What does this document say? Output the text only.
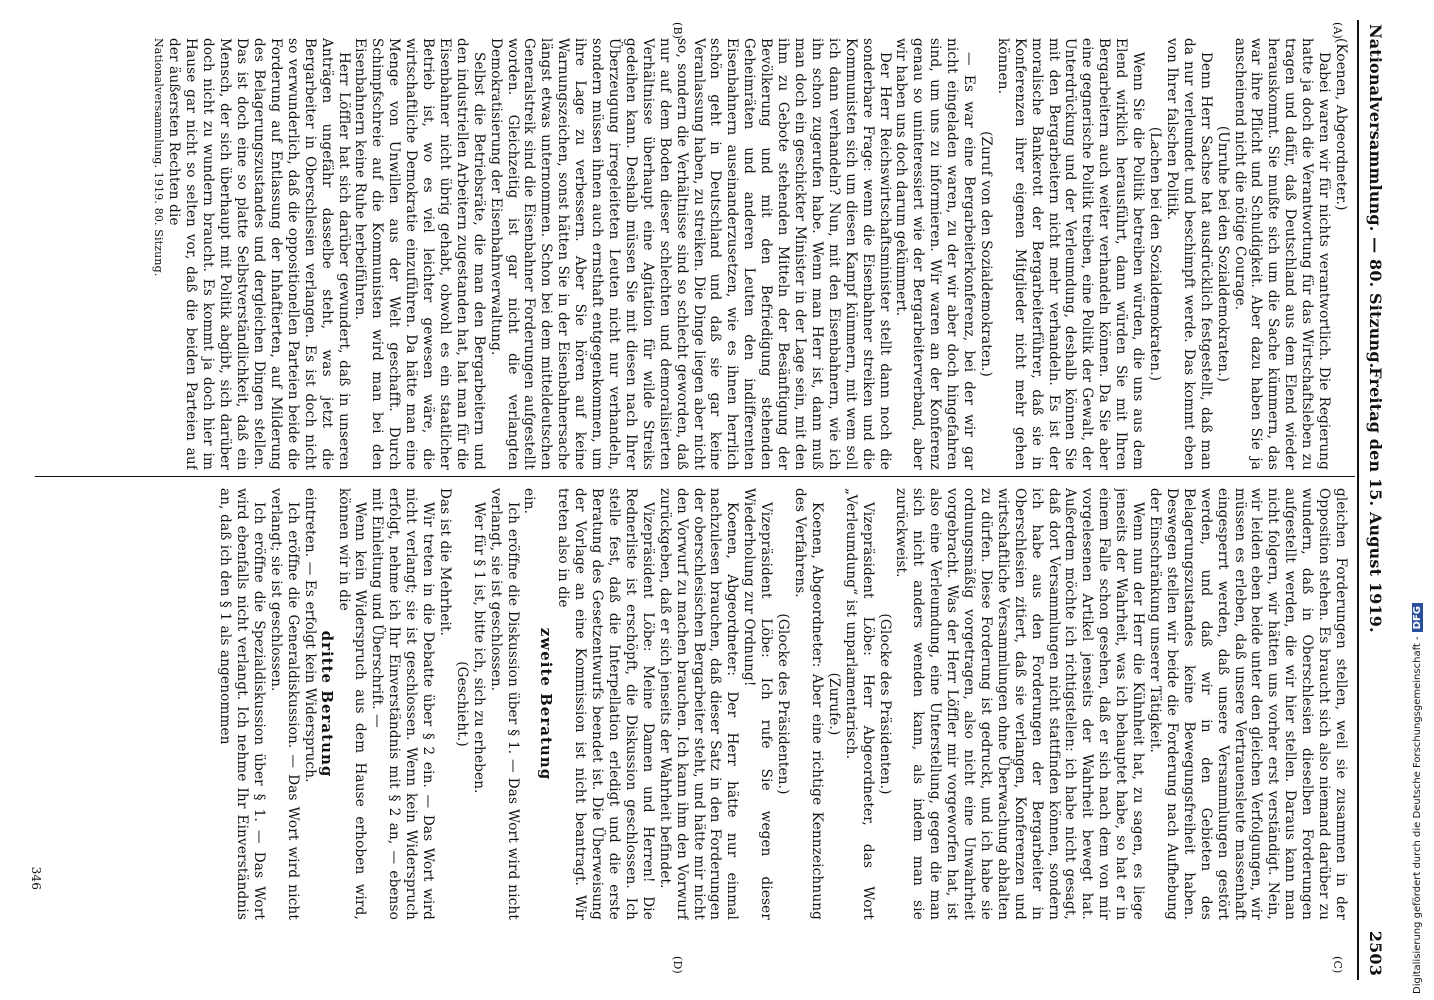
Nationalversammlung. — 80. Sitzung.
Freitag den 15. August 1919.
2503
(A)
(B)
(C)
(D)

(Koenen, Abgeordneter.)

Dabei waren wir für nichts verantwortlich. Die Regierung hatte ja doch die Verantwortung für das Wirtschaftsleben zu tragen und dafür, daß Deutschland aus dem Elend wieder herauskommt. Sie mußte sich um die Sache kümmern, das war ihre Pflicht und Schuldigkeit. Aber dazu haben Sie ja anscheinend nicht die nötige Courage.

(Unruhe bei den Sozialdemokraten.)

Denn Herr Sachse hat ausdrücklich festgestellt, daß man da nur verleumdet und beschimpft werde. Das kommt eben von Ihrer falschen Politik.

(Lachen bei den Sozialdemokraten.)

Wenn Sie die Politik betreiben würden, die uns aus dem Elend wirklich herausführt, dann würden Sie mit Ihren Bergarbeitern auch weiter verhandeln können. Da Sie aber eine gegnerische Politik treiben, eine Politik der Gewalt, der Unterdrückung und der Verleumdung, deshalb können Sie mit den Bergarbeitern nicht mehr verhandeln. Es ist der moralische Bankerott der Bergarbeiterführer, daß sie in Konferenzen ihrer eigenen Mitglieder nicht mehr gehen können.

(Zuruf von den Sozialdemokraten.)

— Es war eine Bergarbeiterkonferenz, bei der wir gar nicht eingeladen waren, zu der wir aber doch hingefahren sind, um uns zu informieren. Wir waren an der Konferenz genau so uninteressiert wie der Bergarbeiterverband, aber wir haben uns doch darum gekümmert.

Der Herr Reichswirtschaftsminister stellt dann noch die sonderbare Frage: wenn die Eisenbahner streiken und die Kommunisten sich um diesen Kampf kümmern, mit wem soll ich dann verhandeln? Nun, mit den Eisenbahnern, wie ich ihn schon zugerufen habe. Wenn man Herr ist, dann muß man doch ein geschickter Minister in der Lage sein, mit den ihm zu Gebote stehenden Mitteln der Besänftigung der Bevölkerung und mit den Befriedigung stehenden Geheimräten und anderen Leuten den indifferenten Eisenbahnern auseinanderzusetzen, wie es ihnen herrlich schön geht in Deutschland und daß sie gar keine Veranlassung haben, zu streiken. Die Dinge liegen aber nicht so, sondern die Verhältnisse sind so schlecht geworden, daß nur auf dem Boden dieser schlechten und demoralisierten Verhältnisse überhaupt eine Agitation für wilde Streiks gedeihen kann. Deshalb müssen Sie mit diesen nach Ihrer Überzeugung irregeleiteten Leuten nicht nur verhandeln, sondern müssen ihnen auch ernsthaft entgegenkommen, um ihre Lage zu verbessern. Aber Sie hören auf keine Warnungszeichen, sonst hätten Sie in der Eisenbahnersache längst etwas unternommen. Schon bei dem mitteldeutschen Generalstreik sind die Eisenbahner Forderungen aufgestellt worden. Gleichzeitig ist gar nicht die verlangten Demokratisierung der Eisenbahnverwaltung.

Selbst die Betriebsräte, die man den Bergarbeitern und den industriellen Arbeitern zugestanden hat, hat man für die Eisenbahner nicht übrig gehabt, obwohl es ein staatlicher Betrieb ist, wo es viel leichter gewesen wäre, die wirtschaftliche Demokratie einzuführen. Da hätte man eine Menge von Unwillen aus der Welt geschafft. Durch Schimpfschreie auf die Kommunisten wird man bei den Eisenbahnern keine Ruhe herbeiführen.

Herr Löffler hat sich darüber gewundert, daß in unseren Anträgen ungefähr dasselbe steht, was jetzt die Bergarbeiter in Oberschlesien verlangen. Es ist doch nicht so verwunderlich, daß die oppositionellen Parteien beide die Forderung auf Entlassung der Inhaftierten, auf Milderung des Belagerungszustandes und dergleichen Dingen stellen. Das ist doch eine so platte Selbstverständlichkeit, daß ein Mensch, der sich überhaupt mit Politik abgibt, sich darüber doch nicht zu wundern braucht. Es kommt ja doch hier im Hause gar nicht so selten vor, daß die beiden Parteien auf der äußersten Rechten die

Nationalversammlung. 1919. 80. Sitzung.

gleichen Forderungen stellen, weil sie zusammen in der Opposition stehen. Es braucht sich also niemand darüber zu wundern, daß in Oberschlesien dieselben Forderungen aufgestellt werden, die wir hier stellen. Daraus kann man nicht folgern, wir hätten uns vorher erst verständigt. Nein, wir leiden eben beide unter den gleichen Verfolgungen, wir müssen es erleben, daß unsere Vertrauensleute massenhaft eingesperrt werden, daß unsere Versammlungen gestört werden, und daß wir in den Gebieten des Belagerungszustandes keine Bewegungsfreiheit haben. Deswegen stellen wir beide die Forderung nach Aufhebung der Einschränkung unserer Tätigkeit.

Wenn nun der Herr die Kühnheit hat, zu sagen, es liege jenseits der Wahrheit, was ich behauptet habe, so hat er in einem Falle schon gesehen, daß er sich nach dem von mir vorgelesenen Artikel jenseits der Wahrheit bewegt hat. Außerdem möchte ich richtigstellen: ich habe nicht gesagt, daß dort Versammlungen nicht stattfinden können, sondern ich habe aus den Forderungen der Bergarbeiter in Oberschlesien zitiert, daß sie verlangen, Konferenzen und wirtschaftliche Versammlungen ohne Überwachung abhalten zu dürfen. Diese Forderung ist gedruckt, und ich habe sie ordnungsmäßig vorgetragen, also nicht eine Unwahrheit vorgebracht. Was der Herr Löffler mir vorgeworfen hat, ist also eine Verleumdung, eine Unterstellung, gegen die man sich nicht anders wenden kann, als indem man sie zurückweist.

(Glocke des Präsidenten.)

Vizepräsident Löbe: Herr Abgeordneter, das Wort „Verleumdung“ ist unparlamentarisch.

(Zurufe.)

Koenen, Abgeordneter: Aber eine richtige Kennzeichnung des Verfahrens.

(Glocke des Präsidenten.)

Vizepräsident Löbe: Ich rufe Sie wegen dieser Wiederholung zur Ordnung!

Koenen, Abgeordneter: Der Herr hätte nur einmal nachzulesen brauchen, daß dieser Satz in den Forderungen der oberschlesischen Bergarbeiter steht, und hätte mir nicht den Vorwurf zu machen brauchen. Ich kann ihm den Vorwurf zurückgeben, daß er sich jenseits der Wahrheit befindet.

Vizepräsident Löbe: Meine Damen und Herren! Die Rednerliste ist erschöpft, die Diskussion geschlossen. Ich stelle fest, daß die Interpellation erledigt und die erste Beratung des Gesetzentwurfs beendet ist. Die Überweisung der Vorlage an eine Kommission ist nicht beantragt. Wir treten also in die

zweite Beratung

ein.

Ich eröffne die Diskussion über § 1. — Das Wort wird nicht verlangt, sie ist geschlossen.

Wer für § 1 ist, bitte ich, sich zu erheben.

(Geschieht.)

Das ist die Mehrheit.

Wir treten in die Debatte über § 2 ein. — Das Wort wird nicht verlangt; sie ist geschlossen. Wenn kein Widerspruch erfolgt, nehme ich Ihr Einverständnis mit § 2 an, — ebenso mit Einleitung und Überschrift. —

Wenn kein Widerspruch aus dem Hause erhoben wird, können wir in die

dritte Beratung

eintreten. — Es erfolgt kein Widerspruch.

Ich eröffne die Generaldiskussion. — Das Wort wird nicht verlangt; sie ist geschlossen.

Ich eröffne die Spezialdiskussion über § 1. — Das Wort wird ebenfalls nicht verlangt. Ich nehme Ihr Einverständnis an, daß ich den § 1 als angenommen

346	Digitalisierung gefördert durch die Deutsche Forschungsgemeinschaft -DFG
